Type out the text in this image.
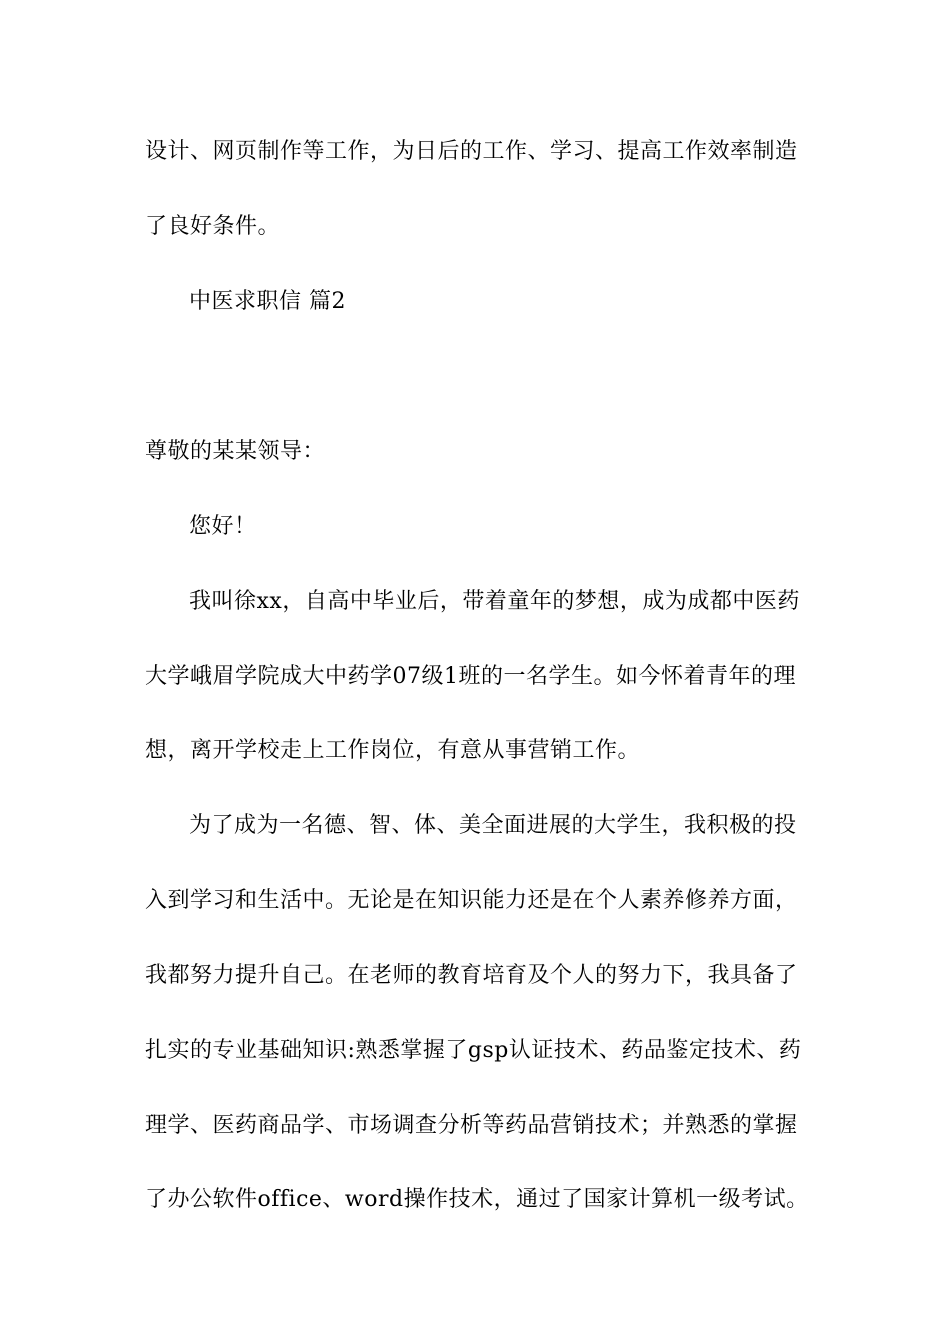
设计、网页制作等工作，为日后的工作、学习、提高工作效率制造
了良好条件。
中医求职信 篇2
尊敬的某某领导：
您好！
我叫徐xx，自高中毕业后，带着童年的梦想，成为成都中医药
大学峨眉学院成大中药学07级1班的一名学生。如今怀着青年的理
想，离开学校走上工作岗位，有意从事营销工作。
为了成为一名德、智、体、美全面进展的大学生，我积极的投
入到学习和生活中。无论是在知识能力还是在个人素养修养方面，
我都努力提升自己。在老师的教育培育及个人的努力下，我具备了
扎实的专业基础知识:熟悉掌握了gsp认证技术、药品鉴定技术、药
理学、医药商品学、市场调查分析等药品营销技术；并熟悉的掌握
了办公软件office、word操作技术，通过了国家计算机一级考试。
